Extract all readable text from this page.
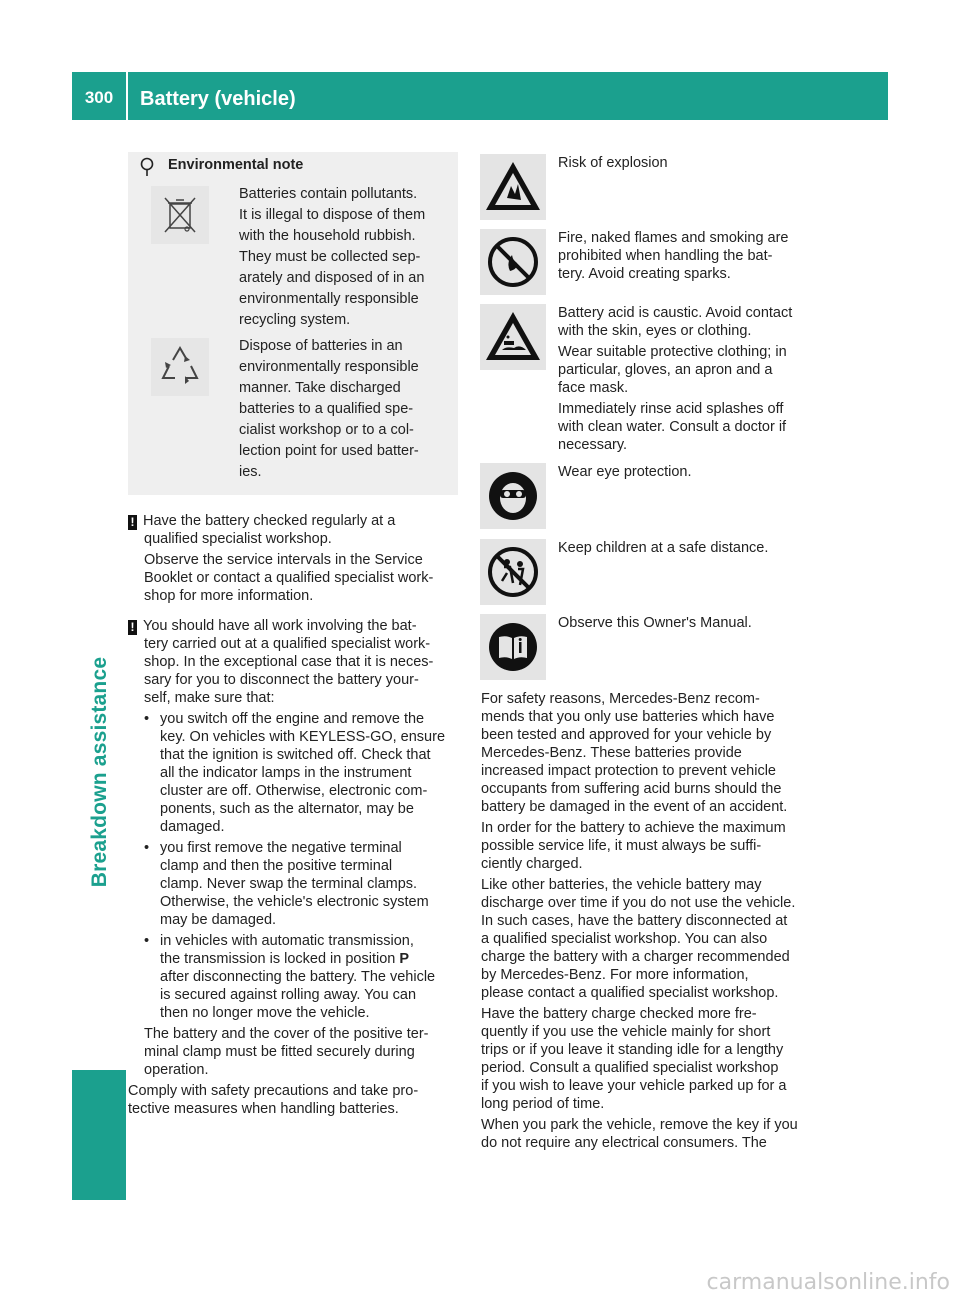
300	Battery (vehicle)
Breakdown assistance
Environmental note
Batteries contain pollutants.
It is illegal to dispose of them
with the household rubbish.
They must be collected sep-
arately and disposed of in an
environmentally responsible
recycling system.
Dispose of batteries in an
environmentally responsible
manner. Take discharged
batteries to a qualified spe-
cialist workshop or to a col-
lection point for used batter-
ies.
! Have the battery checked regularly at a
qualified specialist workshop.
Observe the service intervals in the Service
Booklet or contact a qualified specialist work-
shop for more information.
! You should have all work involving the bat-
tery carried out at a qualified specialist work-
shop. In the exceptional case that it is neces-
sary for you to disconnect the battery your-
self, make sure that:
• you switch off the engine and remove the
key. On vehicles with KEYLESS-GO, ensure
that the ignition is switched off. Check that
all the indicator lamps in the instrument
cluster are off. Otherwise, electronic com-
ponents, such as the alternator, may be
damaged.
• you first remove the negative terminal
clamp and then the positive terminal
clamp. Never swap the terminal clamps.
Otherwise, the vehicle's electronic system
may be damaged.
• in vehicles with automatic transmission,
the transmission is locked in position P
after disconnecting the battery. The vehicle
is secured against rolling away. You can
then no longer move the vehicle.
The battery and the cover of the positive ter-
minal clamp must be fitted securely during
operation.
Comply with safety precautions and take pro-
tective measures when handling batteries.
Risk of explosion
Fire, naked flames and smoking are
prohibited when handling the bat-
tery. Avoid creating sparks.
Battery acid is caustic. Avoid contact
with the skin, eyes or clothing.
Wear suitable protective clothing; in
particular, gloves, an apron and a
face mask.
Immediately rinse acid splashes off
with clean water. Consult a doctor if
necessary.
Wear eye protection.
Keep children at a safe distance.
Observe this Owner's Manual.
For safety reasons, Mercedes-Benz recom-
mends that you only use batteries which have
been tested and approved for your vehicle by
Mercedes-Benz. These batteries provide
increased impact protection to prevent vehicle
occupants from suffering acid burns should the
battery be damaged in the event of an accident.
In order for the battery to achieve the maximum
possible service life, it must always be suffi-
ciently charged.
Like other batteries, the vehicle battery may
discharge over time if you do not use the vehicle.
In such cases, have the battery disconnected at
a qualified specialist workshop. You can also
charge the battery with a charger recommended
by Mercedes-Benz. For more information,
please contact a qualified specialist workshop.
Have the battery charge checked more fre-
quently if you use the vehicle mainly for short
trips or if you leave it standing idle for a lengthy
period. Consult a qualified specialist workshop
if you wish to leave your vehicle parked up for a
long period of time.
When you park the vehicle, remove the key if you
do not require any electrical consumers. The
carmanualsonline.info
